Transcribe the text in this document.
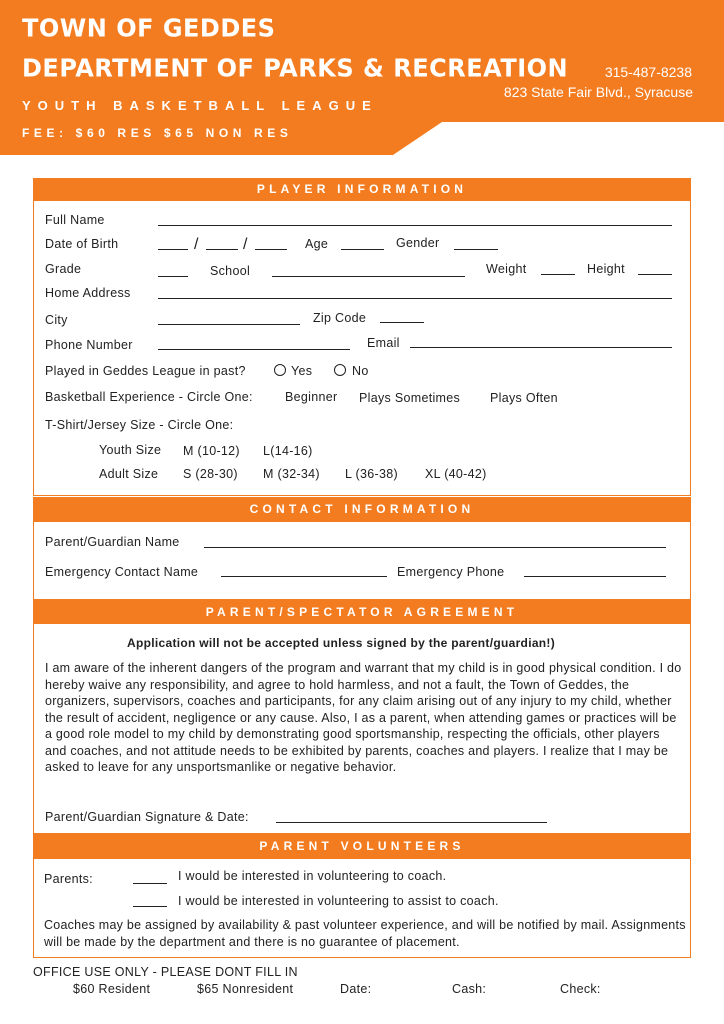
TOWN OF GEDDES
DEPARTMENT OF PARKS & RECREATION
YOUTH BASKETBALL LEAGUE
FEE: $60 RES $65 NON RES
315-487-8238
823 State Fair Blvd., Syracuse
PLAYER INFORMATION
Full Name
Date of Birth	/	/	Age	Gender
Grade	School	Weight	Height
Home Address
City	Zip Code
Phone Number	Email
Played in Geddes League in past?	Yes	No
Basketball Experience - Circle One:	Beginner Plays Sometimes Plays Often
T-Shirt/Jersey Size - Circle One:
Youth Size M (10-12) L(14-16)
Adult Size S (28-30) M (32-34) L (36-38) XL (40-42)
CONTACT INFORMATION
Parent/Guardian Name
Emergency Contact Name	Emergency Phone
PARENT/SPECTATOR AGREEMENT
Application will not be accepted unless signed by the parent/guardian!)
I am aware of the inherent dangers of the program and warrant that my child is in good physical condition. I do hereby waive any responsibility, and agree to hold harmless, and not a fault, the Town of Geddes, the organizers, supervisors, coaches and participants, for any claim arising out of any injury to my child, whether the result of accident, negligence or any cause. Also, I as a parent, when attending games or practices will be a good role model to my child by demonstrating good sportsmanship, respecting the officials, other players and coaches, and not attitude needs to be exhibited by parents, coaches and players. I realize that I may be asked to leave for any unsportsmanlike or negative behavior.
Parent/Guardian Signature & Date:
PARENT VOLUNTEERS
Parents:	I would be interested in volunteering to coach.
I would be interested in volunteering to assist to coach.
Coaches may be assigned by availability & past volunteer experience, and will be notified by mail. Assignments will be made by the department and there is no guarantee of placement.
OFFICE USE ONLY - PLEASE DONT FILL IN
$60 Resident	$65 Nonresident	Date:	Cash:	Check:
